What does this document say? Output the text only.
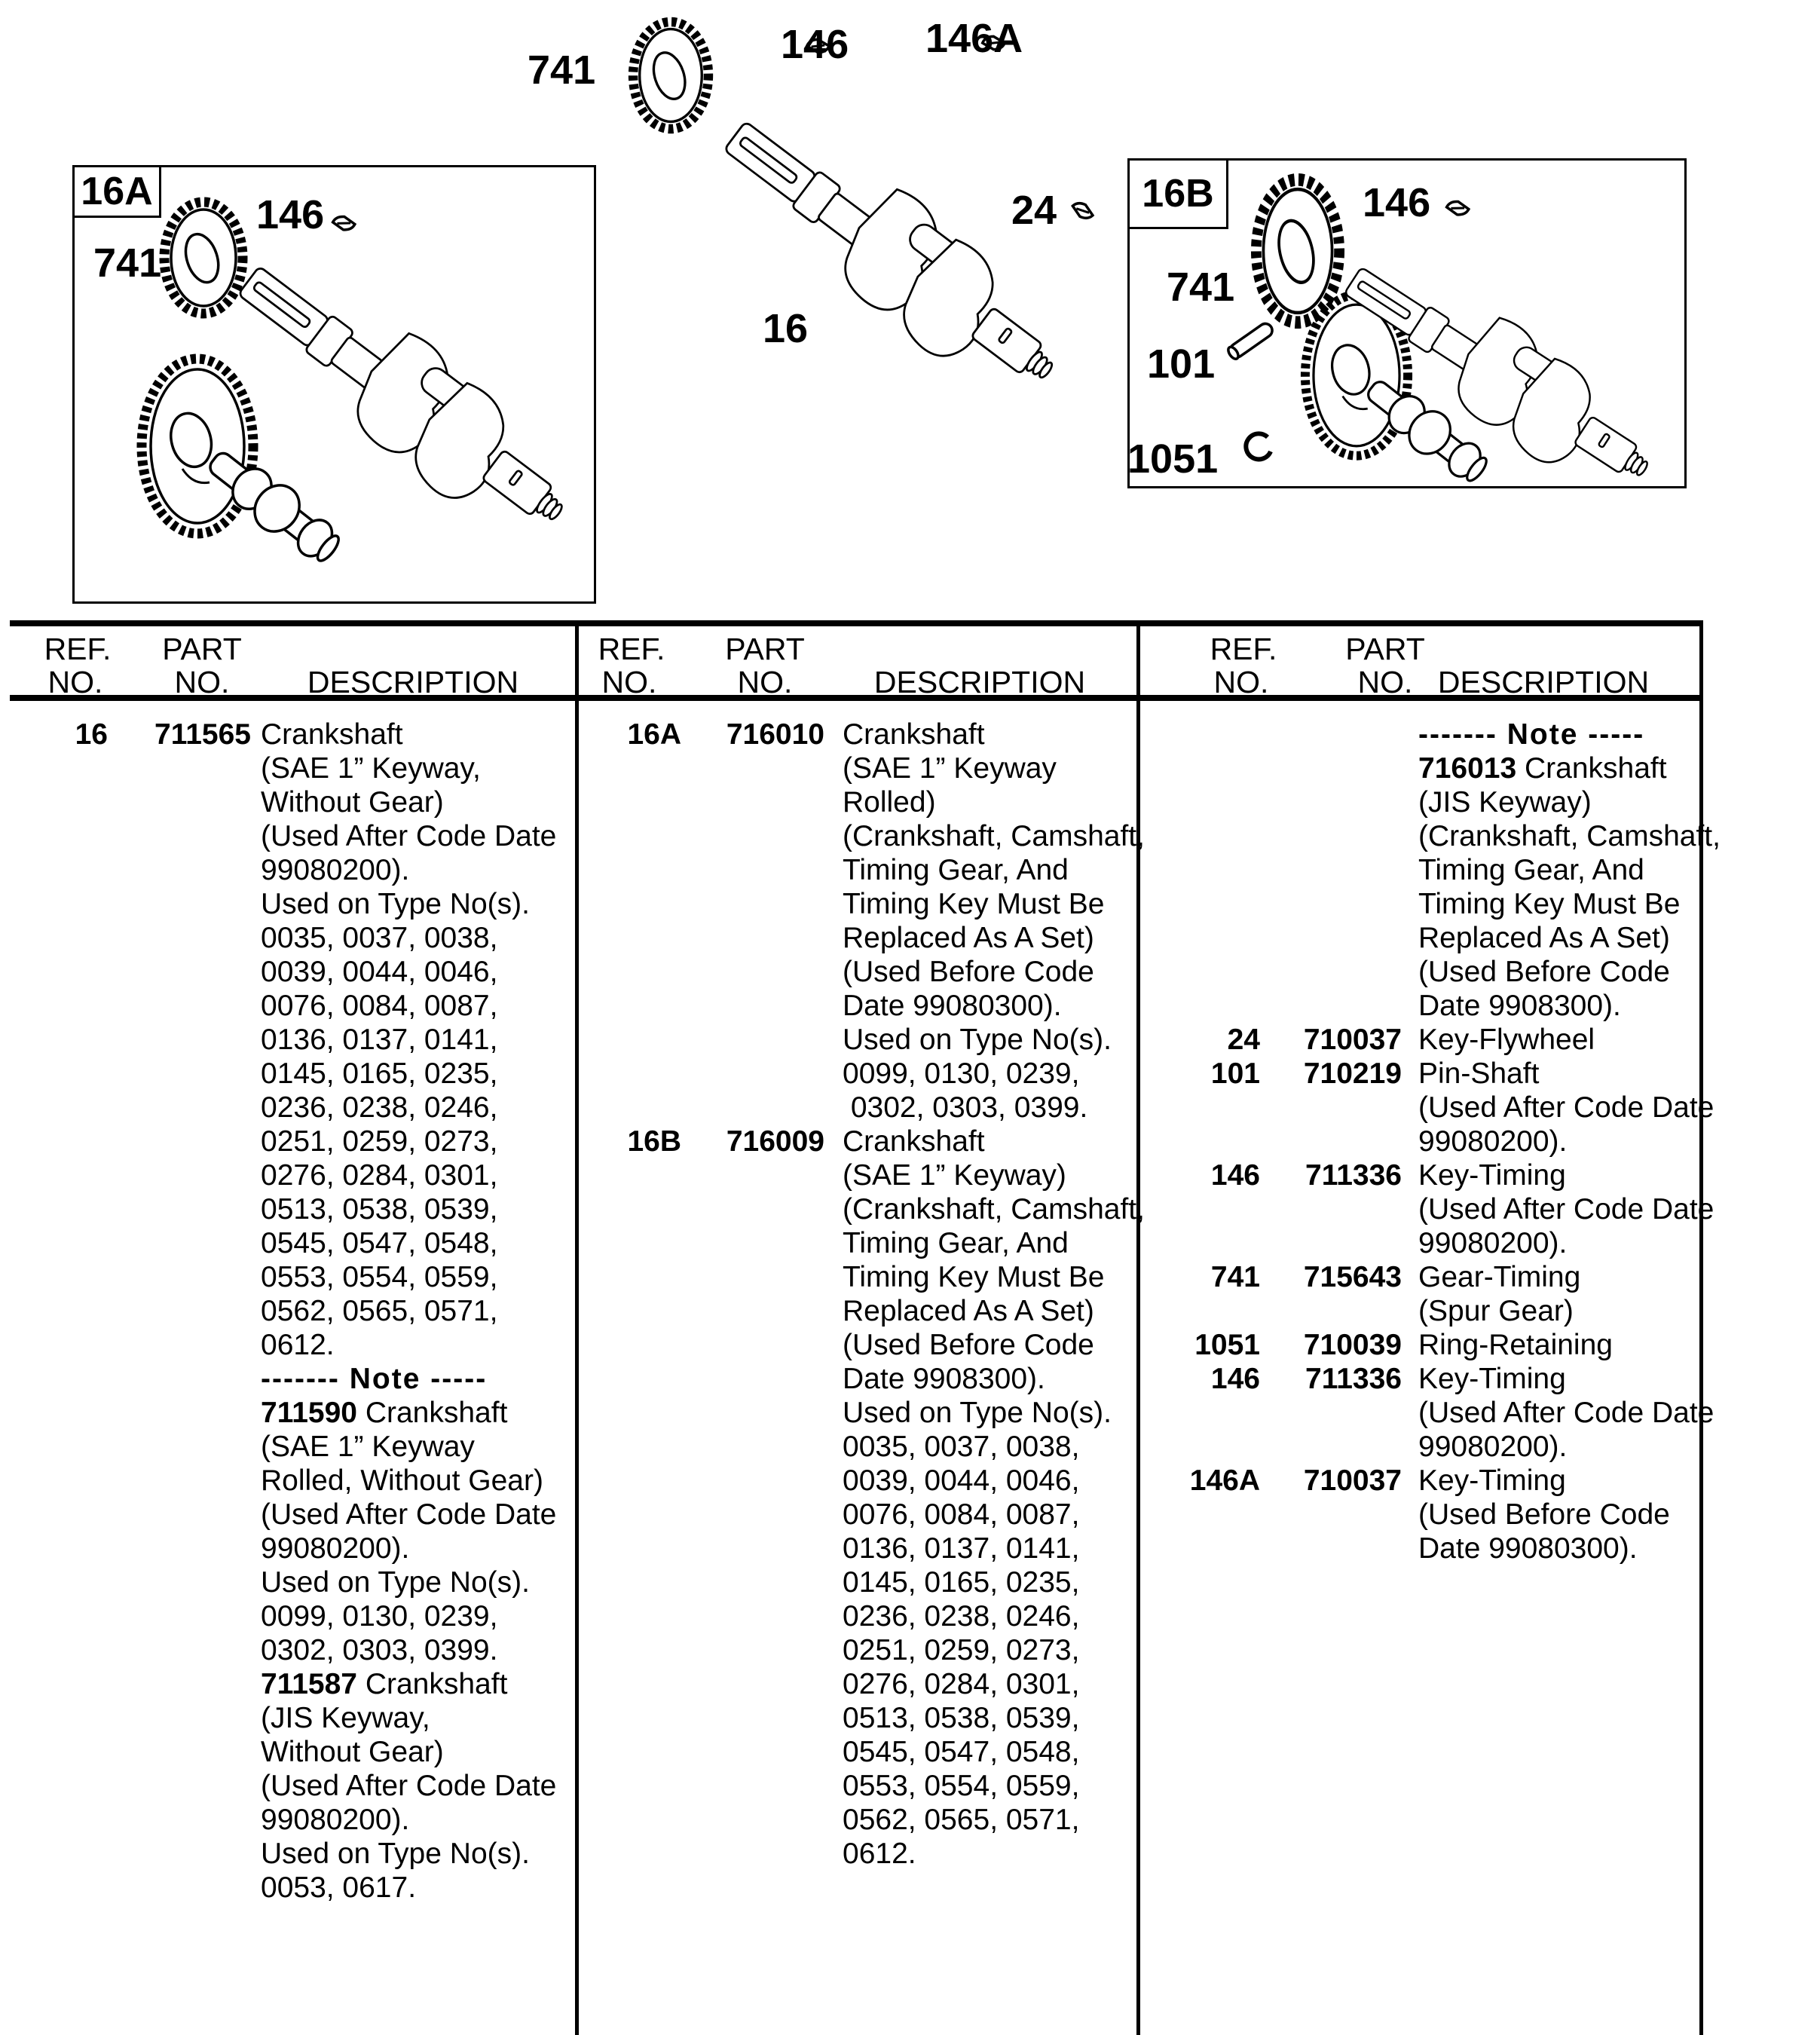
16A	16B
741
146 146A
16
24
741
146
741
146
101
1051
REF.
NO.
PART
NO.	DESCRIPTION
REF.
NO.
PART
NO.	DESCRIPTION
REF.
NO.
PART
NO. DESCRIPTION
16	711565 Crankshaft
(SAE 1” Keyway,
Without Gear)
(Used After Code Date
99080200).
Used on Type No(s).
0035, 0037, 0038,
0039, 0044, 0046,
0076, 0084, 0087,
0136, 0137, 0141,
0145, 0165, 0235,
0236, 0238, 0246,
0251, 0259, 0273,
0276, 0284, 0301,
0513, 0538, 0539,
0545, 0547, 0548,
0553, 0554, 0559,
0562, 0565, 0571,
0612.
------- Note -----
711590 Crankshaft
(SAE 1” Keyway
Rolled, Without Gear)
(Used After Code Date
99080200).
Used on Type No(s).
0099, 0130, 0239,
0302, 0303, 0399.
711587 Crankshaft
(JIS Keyway,
Without Gear)
(Used After Code Date
99080200).
Used on Type No(s).
0053, 0617.
16A	716010 Crankshaft
(SAE 1” Keyway
Rolled)
(Crankshaft, Camshaft,
Timing Gear, And
Timing Key Must Be
Replaced As A Set)
(Used Before Code
Date 99080300).
Used on Type No(s).
0099, 0130, 0239,
0302, 0303, 0399.
16B	716009 Crankshaft
(SAE 1” Keyway)
(Crankshaft, Camshaft,
Timing Gear, And
Timing Key Must Be
Replaced As A Set)
(Used Before Code
Date 9908300).
Used on Type No(s).
0035, 0037, 0038,
0039, 0044, 0046,
0076, 0084, 0087,
0136, 0137, 0141,
0145, 0165, 0235,
0236, 0238, 0246,
0251, 0259, 0273,
0276, 0284, 0301,
0513, 0538, 0539,
0545, 0547, 0548,
0553, 0554, 0559,
0562, 0565, 0571,
0612.
------- Note -----
716013 Crankshaft
(JIS Keyway)
(Crankshaft, Camshaft,
Timing Gear, And
Timing Key Must Be
Replaced As A Set)
(Used Before Code
Date 9908300).
24	710037 Key-Flywheel
101	710219 Pin-Shaft
(Used After Code Date
99080200).
146	711336 Key-Timing
(Used After Code Date
99080200).
741	715643 Gear-Timing
(Spur Gear)
1051	710039 Ring-Retaining
146	711336 Key-Timing
(Used After Code Date
99080200).
146A	710037 Key-Timing
(Used Before Code
Date 99080300).
